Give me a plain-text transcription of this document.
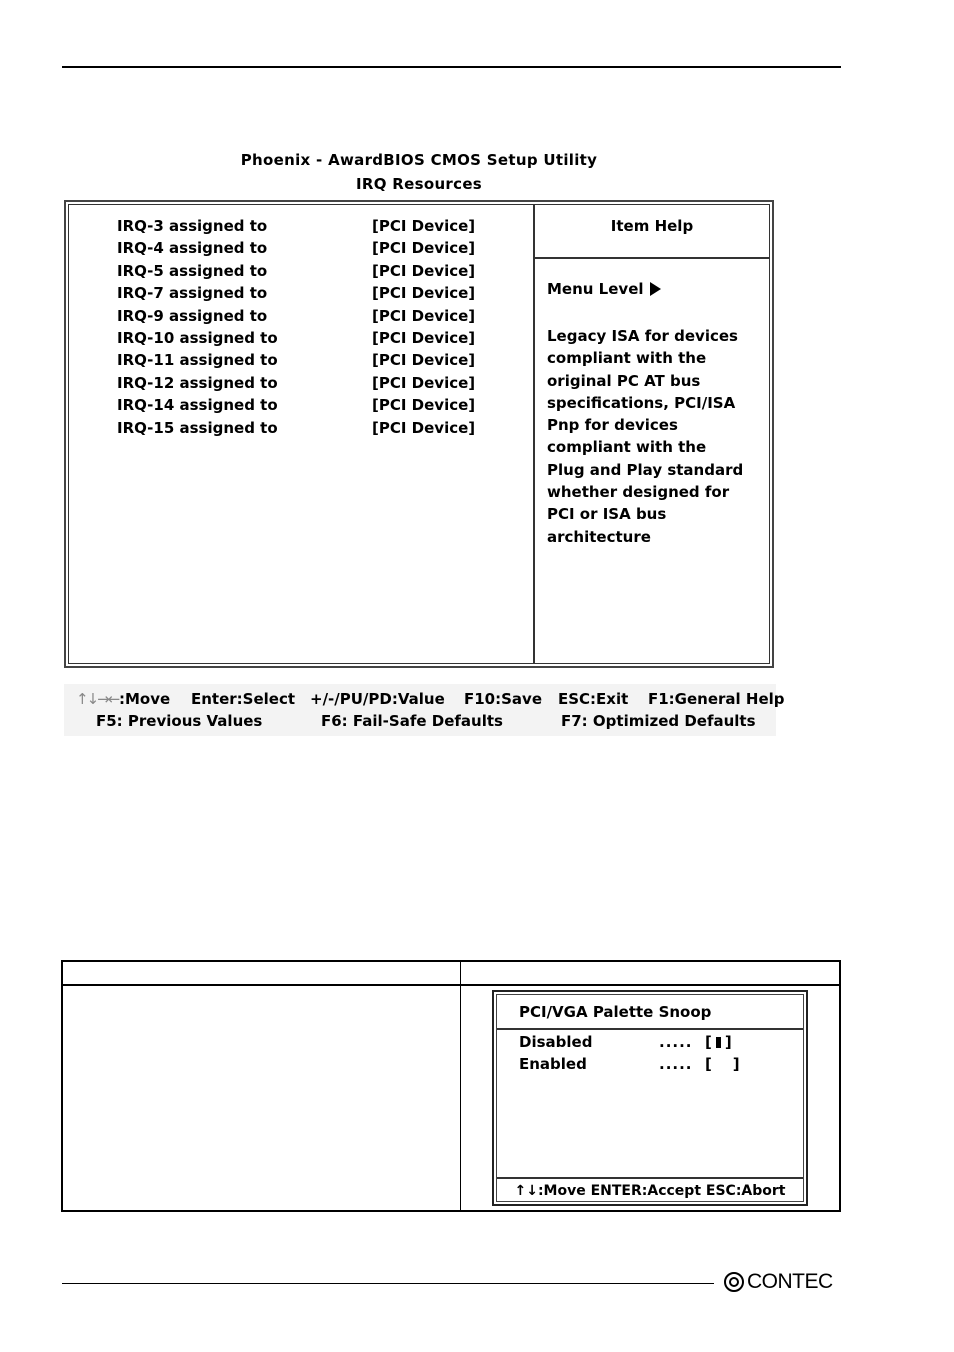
Phoenix - AwardBIOS CMOS Setup Utility
IRQ Resources
IRQ-3 assigned to	[PCI Device]
IRQ-4 assigned to	[PCI Device]
IRQ-5 assigned to	[PCI Device]
IRQ-7 assigned to	[PCI Device]
IRQ-9 assigned to	[PCI Device]
IRQ-10 assigned to	[PCI Device]
IRQ-11 assigned to	[PCI Device]
IRQ-12 assigned to	[PCI Device]
IRQ-14 assigned to	[PCI Device]
IRQ-15 assigned to	[PCI Device]
Item Help
Menu Level
Legacy ISA for devices
compliant with the
original PC AT bus
specifications, PCI/ISA
Pnp for devices
compliant with the
Plug and Play standard
whether designed for
PCI or ISA bus
architecture
↑↓→← :Move Enter:Select +/-/PU/PD:Value F10:Save ESC:Exit F1:General Help
F5: Previous Values	F6: Fail-Safe Defaults	F7: Optimized Defaults
PCI/VGA Palette Snoop
Disabled	..... [ ]
Enabled	..... [    ]
↑↓:Move ENTER:Accept ESC:Abort
CONTEC
